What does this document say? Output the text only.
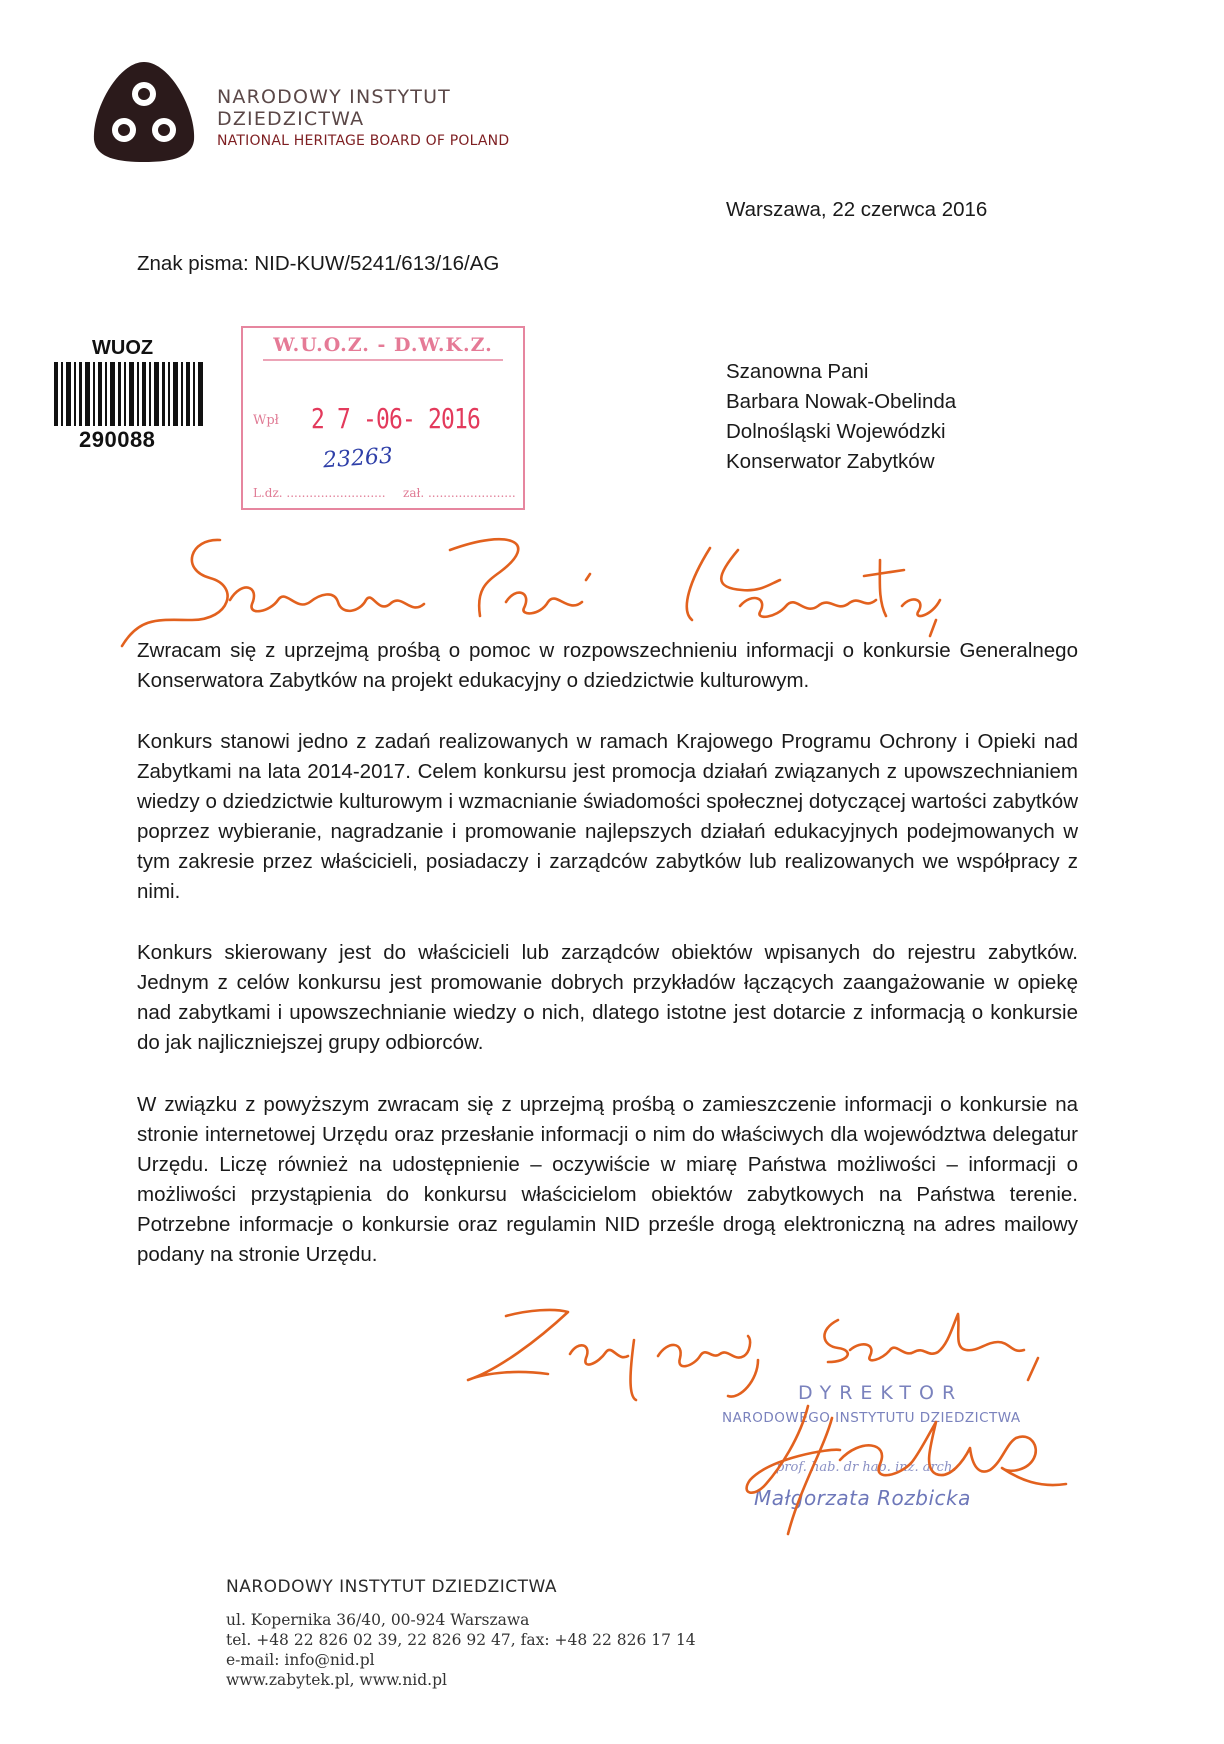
NARODOWY INSTYTUT
DZIEDZICTWA
NATIONAL HERITAGE BOARD OF POLAND
Warszawa, 22 czerwca 2016
Znak pisma: NID-KUW/5241/613/16/AG
WUOZ
290088
W.U.O.Z. - D.W.K.Z.
Wpł 2 7 -06- 2016
23263
L.dz. .......................... zał. .......................
Szanowna Pani
Barbara Nowak-Obelinda
Dolnośląski Wojewódzki
Konserwator Zabytków
Zwracam się z uprzejmą prośbą o pomoc w rozpowszechnieniu informacji o konkursie Generalnego Konserwatora Zabytków na projekt edukacyjny o dziedzictwie kulturowym.
Konkurs stanowi jedno z zadań realizowanych w ramach Krajowego Programu Ochrony i Opieki nad Zabytkami na lata 2014-2017. Celem konkursu jest promocja działań związanych z upowszechnianiem wiedzy o dziedzictwie kulturowym i wzmacnianie świadomości społecznej dotyczącej wartości zabytków poprzez wybieranie, nagradzanie i promowanie najlepszych działań edukacyjnych podejmowanych w tym zakresie przez właścicieli, posiadaczy i zarządców zabytków lub realizowanych we współpracy z nimi.
Konkurs skierowany jest do właścicieli lub zarządców obiektów wpisanych do rejestru zabytków. Jednym z celów konkursu jest promowanie dobrych przykładów łączących zaangażowanie w opiekę nad zabytkami i upowszechnianie wiedzy o nich, dlatego istotne jest dotarcie z informacją o konkursie do jak najliczniejszej grupy odbiorców.
W związku z powyższym zwracam się z uprzejmą prośbą o zamieszczenie informacji o konkursie na stronie internetowej Urzędu oraz przesłanie informacji o nim do właściwych dla województwa delegatur Urzędu. Liczę również na udostępnienie – oczywiście w miarę Państwa możliwości – informacji o możliwości przystąpienia do konkursu właścicielom obiektów zabytkowych na Państwa terenie. Potrzebne informacje o konkursie oraz regulamin NID prześle drogą elektroniczną na adres mailowy podany na stronie Urzędu.
DYREKTOR
NARODOWEGO INSTYTUTU DZIEDZICTWA
prof. hab. dr hab. inż. arch.
Małgorzata Rozbicka
NARODOWY INSTYTUT DZIEDZICTWA
ul. Kopernika 36/40, 00-924 Warszawa
tel. +48 22 826 02 39, 22 826 92 47, fax: +48 22 826 17 14
e-mail: info@nid.pl
www.zabytek.pl, www.nid.pl
